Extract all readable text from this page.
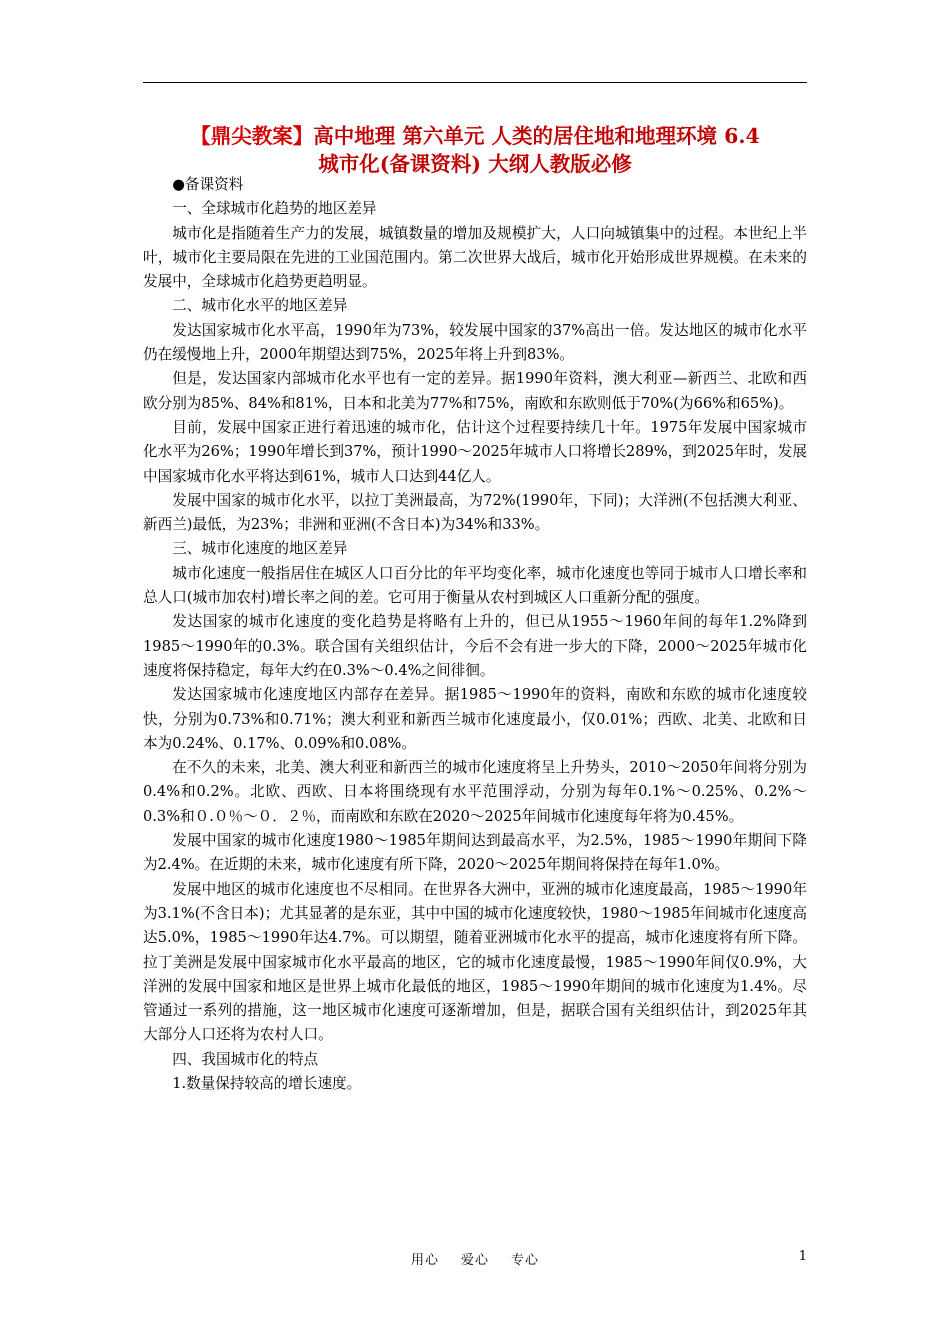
【鼎尖教案】高中地理 第六单元 人类的居住地和地理环境 6.4
城市化(备课资料) 大纲人教版必修

●备课资料

一、全球城市化趋势的地区差异

城市化是指随着生产力的发展，城镇数量的增加及规模扩大，人口向城镇集中的过程。本世纪上半叶，城市化主要局限在先进的工业国范围内。第二次世界大战后，城市化开始形成世界规模。在未来的发展中，全球城市化趋势更趋明显。

二、城市化水平的地区差异

发达国家城市化水平高，1990年为73%，较发展中国家的37%高出一倍。发达地区的城市化水平仍在缓慢地上升，2000年期望达到75%，2025年将上升到83%。

但是，发达国家内部城市化水平也有一定的差异。据1990年资料，澳大利亚—新西兰、北欧和西欧分别为85%、84%和81%，日本和北美为77%和75%，南欧和东欧则低于70%(为66%和65%)。

目前，发展中国家正进行着迅速的城市化，估计这个过程要持续几十年。1975年发展中国家城市化水平为26%；1990年增长到37%，预计1990～2025年城市人口将增长289%，到2025年时，发展中国家城市化水平将达到61%，城市人口达到44亿人。

发展中国家的城市化水平，以拉丁美洲最高，为72%(1990年，下同)；大洋洲(不包括澳大利亚、新西兰)最低，为23%；非洲和亚洲(不含日本)为34%和33%。

三、城市化速度的地区差异

城市化速度一般指居住在城区人口百分比的年平均变化率，城市化速度也等同于城市人口增长率和总人口(城市加农村)增长率之间的差。它可用于衡量从农村到城区人口重新分配的强度。

发达国家的城市化速度的变化趋势是将略有上升的，但已从1955～1960年间的每年1.2%降到1985～1990年的0.3%。联合国有关组织估计，今后不会有进一步大的下降，2000～2025年城市化速度将保持稳定，每年大约在0.3%～0.4%之间徘徊。

发达国家城市化速度地区内部存在差异。据1985～1990年的资料，南欧和东欧的城市化速度较快，分别为0.73%和0.71%；澳大利亚和新西兰城市化速度最小，仅0.01%；西欧、北美、北欧和日本为0.24%、0.17%、0.09%和0.08%。

在不久的未来，北美、澳大利亚和新西兰的城市化速度将呈上升势头，2010～2050年间将分别为0.4%和0.2%。北欧、西欧、日本将围绕现有水平范围浮动，分别为每年0.1%～0.25%、0.2%～0.3%和０.０％～０．２％，而南欧和东欧在2020～2025年间城市化速度每年将为0.45%。

发展中国家的城市化速度1980～1985年期间达到最高水平，为2.5%，1985～1990年期间下降为2.4%。在近期的未来，城市化速度有所下降，2020～2025年期间将保持在每年1.0%。

发展中地区的城市化速度也不尽相同。在世界各大洲中，亚洲的城市化速度最高，1985～1990年为3.1%(不含日本)；尤其显著的是东亚，其中中国的城市化速度较快，1980～1985年间城市化速度高达5.0%，1985～1990年达4.7%。可以期望，随着亚洲城市化水平的提高，城市化速度将有所下降。拉丁美洲是发展中国家城市化水平最高的地区，它的城市化速度最慢，1985～1990年间仅0.9%，大洋洲的发展中国家和地区是世界上城市化最低的地区，1985～1990年期间的城市化速度为1.4%。尽管通过一系列的措施，这一地区城市化速度可逐渐增加，但是，据联合国有关组织估计，到2025年其大部分人口还将为农村人口。

四、我国城市化的特点

1.数量保持较高的增长速度。

用心 爱心 专心	1
